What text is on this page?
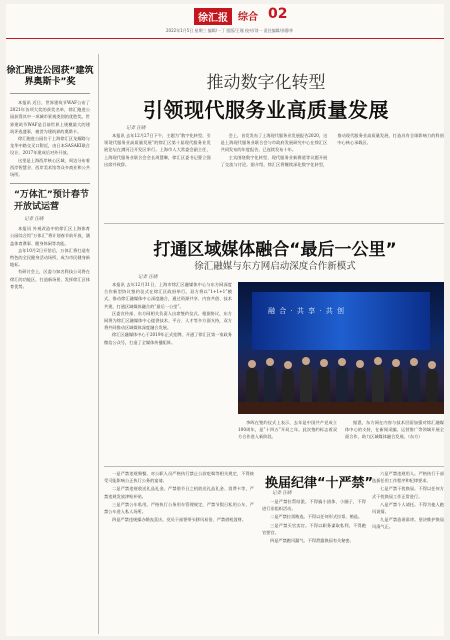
徐汇报	综合 02
2022年1月5日 星期三 编辑/一丁 组版/王瑾 校对/刘一 责任编辑/余静华
徐汇跑进公园获“建筑界奥斯卡”奖

本报讯 近日，世界建筑节WAF公布了2021年各项大奖的获奖名单，徐汇跑进公园获得其中一项城市景观类别的优胜奖。世界建筑节WAF是目前世界上规模最大的建筑评选盛事，被誉为建筑界的奥斯卡。

徐汇跑进公园位于上海徐汇区龙耀路与龙华中路交叉口附近，由日本SASAKI联合设计，2017年建成后对外开放。

这里是上海西岸核心区域，周边分布着西岸智慧谷、西岸美术馆等众多商业和公共场所。

“万体汇”预计春节开放试运营
记者 汪晓

本报讯 外观改造中的徐汇区上海体育公园综合馆“万体汇”将计划春节前开放，涵盖体育赛事、健身休闲等功能。

去年10月2日开馆后，万体汇将打造有特色的全民健身活动场所，成为市民健身新地标。

有研讨会上，区委与知名科技公司将在徐汇的功能区，打造新场景，发挥徐汇区体育优势。

推动数字化转型
引领现代服务业高质量发展
记者 汪晓

本报讯 去年12月27日下午，主题为“数字化转型，引领现代服务业高质量发展”的徐汇区第十届现代服务业发展论坛在漕河泾开发区举行。上海市人大常委会副主任，上海现代服务业联合会会长周慧琳，徐汇区委书记曹立强出席并致辞。

会上，首发发布了上海现代服务业发展报告2020，这是上海现代服务业联合会与市政府发展研究中心在徐汇区共同发布的年度报告，已连续发布十年。

主宾围绕数字化转型、现代服务业新赛道等议题开展了交流与讨论。据介绍，徐汇区将继续深化数字化转型，推动现代服务业高质量发展，打造具有全球影响力的科创中心核心承载区。

打通区域媒体融合“最后一公里”
徐汇融媒与东方网启动深度合作新模式
记者 汪晓

本报讯 去年12月31日，上海市徐汇区融媒体中心与东方网深度合作新型协议签约仪式在徐汇区政府举行。双方将以“1+1+1”模式，推动徐汇融媒体中心深度融合，通过资源共享、内容共创、技术共建，打通区域媒体融合的“最后一公里”。

区委宣传部、东方网相关负责人出席签约仪式。根据协议，东方网将为徐汇区融媒体中心提供技术、平台、人才等多方面支持，双方将共同推动区域媒体深度融合发展。

徐汇区融媒体中心于2019年正式挂牌，开通了徐汇区第一家政务微信公众号，打造了全媒体传播矩阵。

融 合 · 共 享 · 共 创

李晖在签约仪式上表示，去年是中国共产党成立100周年，是“十四五”开局之年。此次签约标志着双方合作进入新阶段。

据悉，东方网在内容与技术层面加强对徐汇融媒体中心的支持，在新闻采编、运营推广等领域开展全面合作，助力区域媒体融合发展。（东方）

一是严禁违规聚餐。对公职人员严格执行禁止公款吃喝等相关规定，不得接受可能影响公正执行公务的宴请。

二是严禁违规收送礼品礼金。严禁借节日之机收送礼品礼金、消费卡等，严禁违规发放津贴补贴。

三是严禁公车私用。严格执行公务用车管理规定，严禁节假日私用公车，严禁公车进入私人场所。

四是严禁违规操办婚丧喜庆。党员干部要带头移风易俗，严禁借机敛财。

换届纪律“十严禁”
记者 汪晓

一是严禁拉帮结派。不得搞小团体、小圈子，不得进行非组织活动。

二是严禁拉票贿选。不得以任何形式拉票、贿选。

三是严禁买官卖官。不得以职务谋取私利，不得跑官要官。

四是严禁跑风漏气。不得泄露换届有关秘密。

六是严禁违规用人。严格执行干部选拔任用工作程序和纪律要求。

七是严禁干扰换届。不得以任何方式干扰换届工作正常进行。

八是严禁个人请托。不得为他人跑风说情。

九是严禁造谣诽谤。坚决维护换届风清气正。
